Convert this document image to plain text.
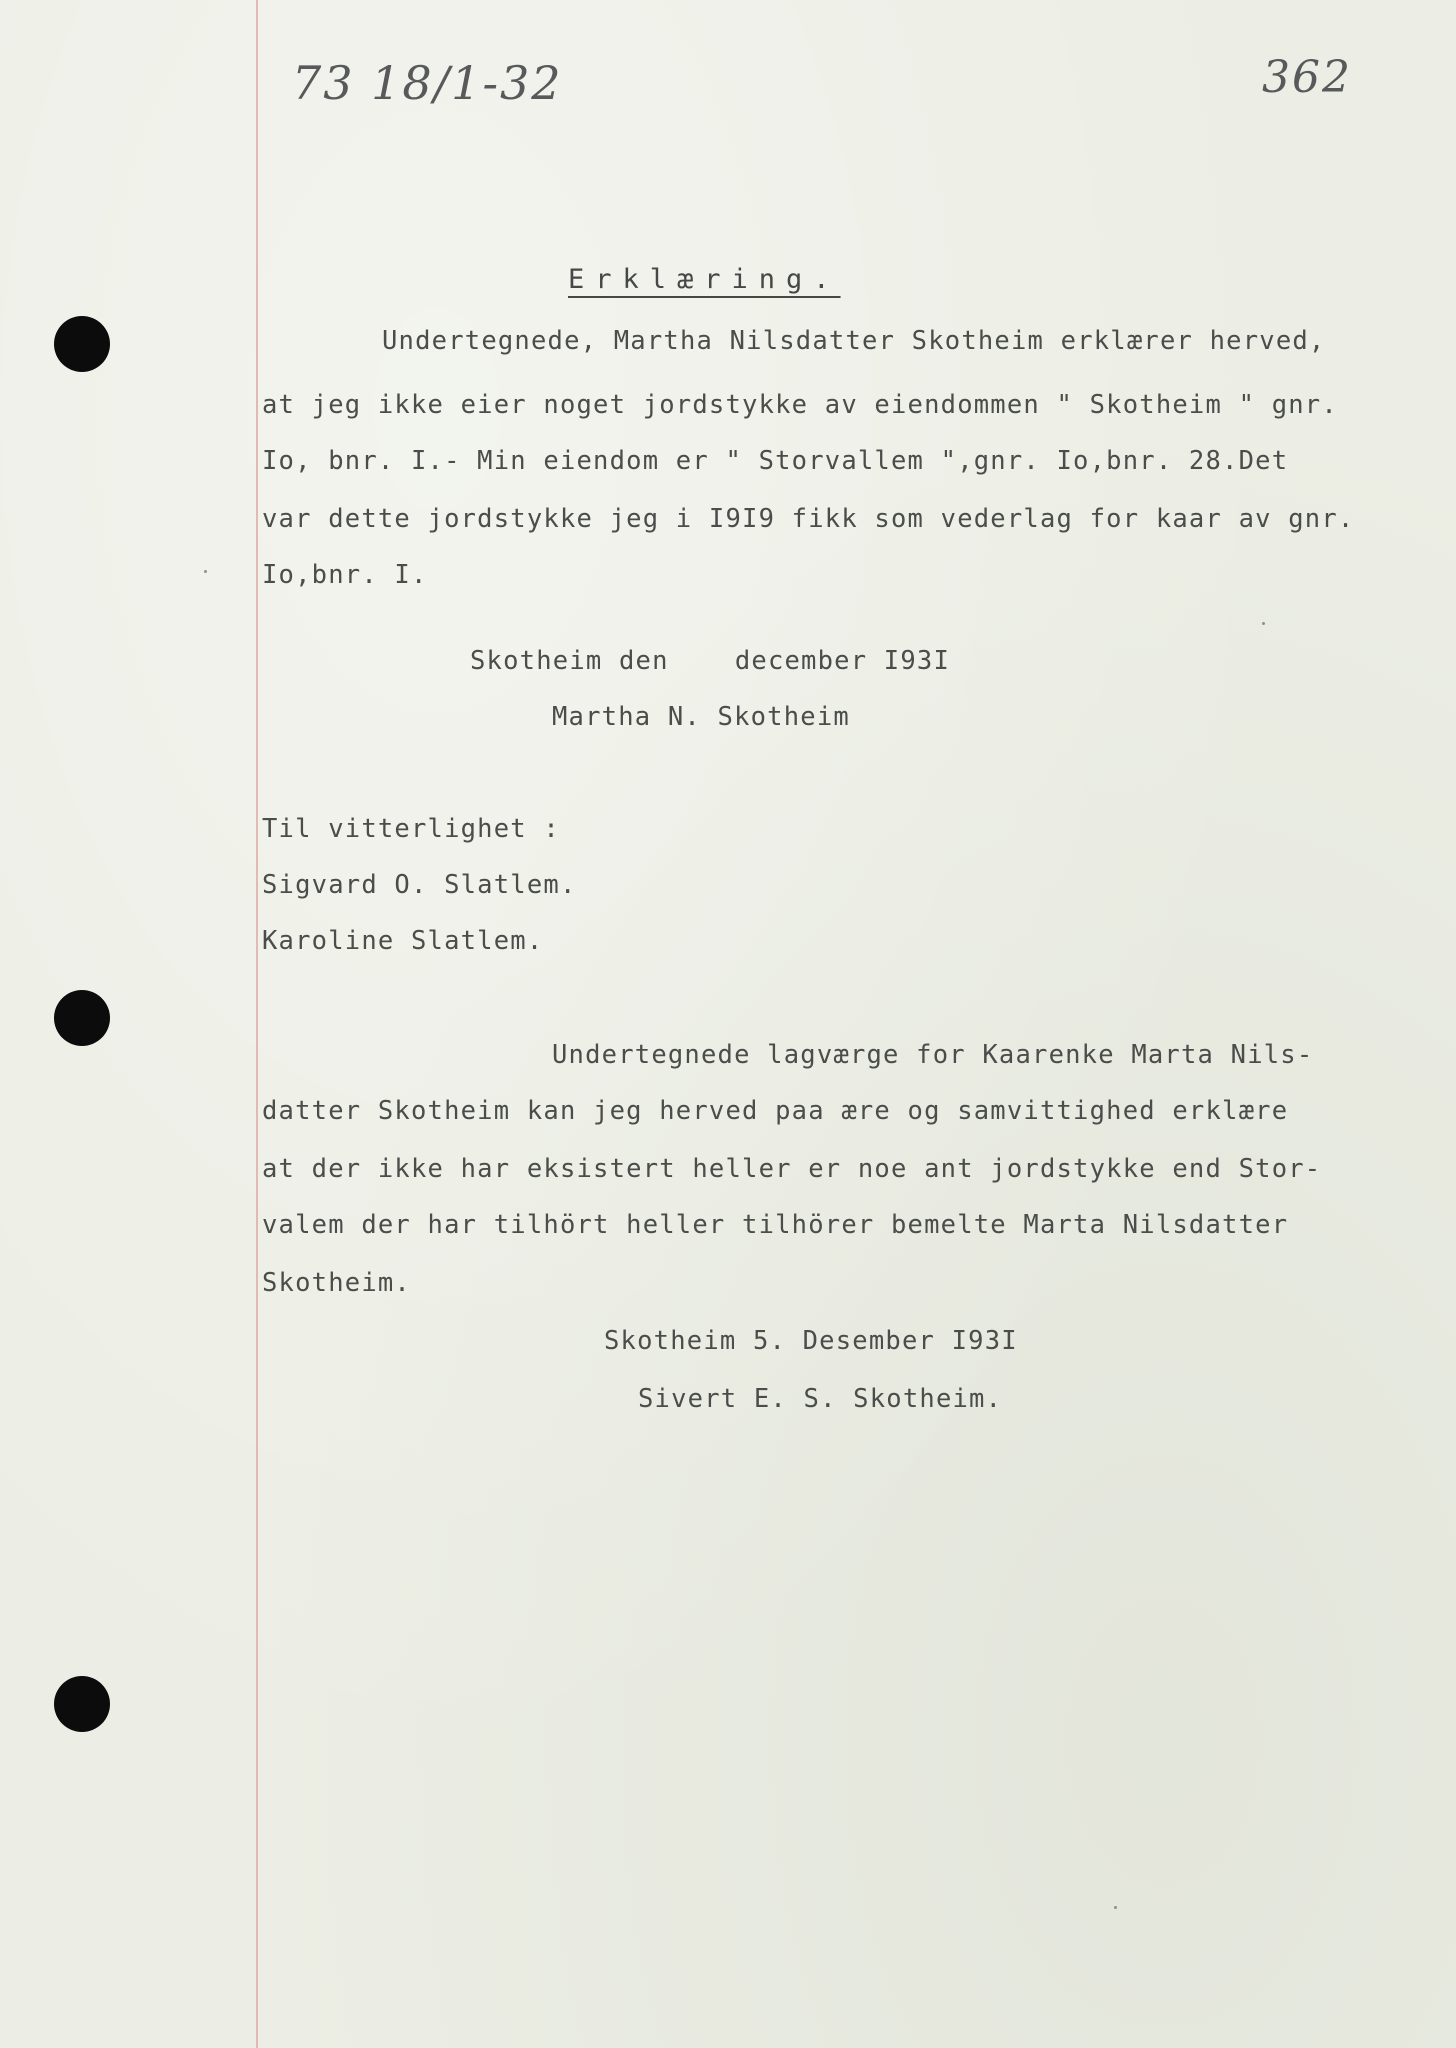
73 18/1-32	362
Erklæring.
Undertegnede, Martha Nilsdatter Skotheim erklærer herved,
at jeg ikke eier noget jordstykke av eiendommen " Skotheim " gnr.
Io, bnr. I.- Min eiendom er " Storvallem ",gnr. Io,bnr. 28.Det
var dette jordstykke jeg i I9I9 fikk som vederlag for kaar av gnr.
Io,bnr. I.
Skotheim den    december I93I
Martha N. Skotheim
Til vitterlighet :
Sigvard O. Slatlem.
Karoline Slatlem.
Undertegnede lagværge for Kaarenke Marta Nils-
datter Skotheim kan jeg herved paa ære og samvittighed erklære
at der ikke har eksistert heller er noe ant jordstykke end Stor-
valem der har tilhört heller tilhörer bemelte Marta Nilsdatter
Skotheim.
Skotheim 5. Desember I93I
Sivert E. S. Skotheim.
